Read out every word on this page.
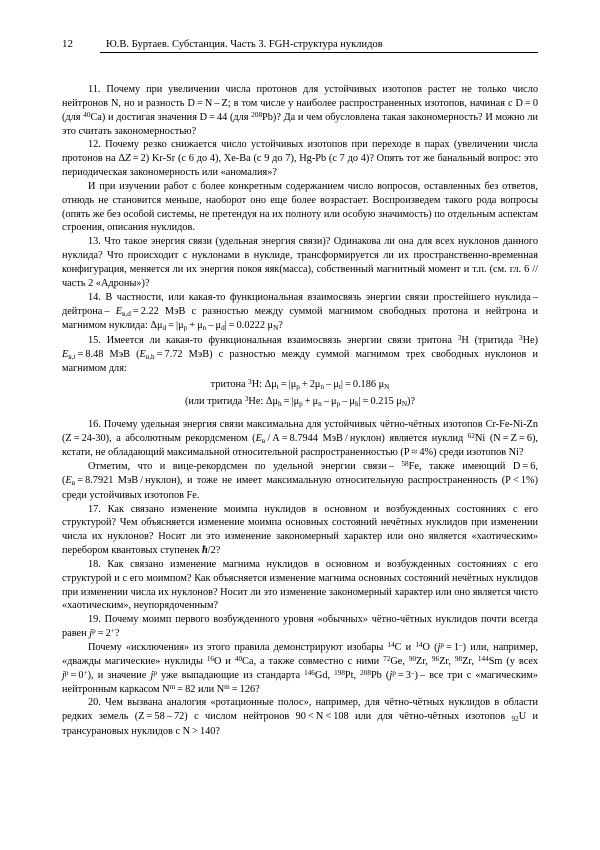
12	Ю.В. Буртаев. Субстанция. Часть 3. FGH-структура нуклидов

11. Почему при увеличении числа протонов для устойчивых изотопов растет не только число нейтронов N, но и разность D = N – Z; в том числе у наиболее распространенных изотопов, начиная с D = 0 (для $^{40}$Ca) и достигая значения D = 44 (для $^{208}$Pb)? Да и чем обусловлена такая закономерность? И можно ли это считать закономерностью?

12. Почему резко снижается число устойчивых изотопов при переходе в парах (увеличении числа протонов на ΔZ = 2) Kr-Sr (с 6 до 4), Xe-Ba (с 9 до 7), Hg-Pb (с 7 до 4)? Опять тот же банальный вопрос: это периодическая закономерность или «аномалия»?

И при изучении работ с более конкретным содержанием число вопросов, оставленных без ответов, отнюдь не становится меньше, наоборот оно еще более возрастает. Воспроизведем такого рода вопросы (опять же без особой системы, не претендуя на их полноту или особую значимость) по отдельным аспектам строения, описания нуклидов.

13. Что такое энергия связи (удельная энергия связи)? Одинакова ли она для всех нуклонов данного нуклида? Что происходит с нуклонами в нуклиде, трансформируется ли их пространственно-временная конфигурация, меняется ли их энергия покоя яяк(масса), собственный магнитный момент и т.п. (см. гл. 6 // часть 2 «Адроны»)?

14. В частности, или какая-то функциональная взаимосвязь энергии связи простейшего нуклида – дейтрона – $E_{в,d} = 2.22$ МэВ с разностью между суммой магнимом свободных протона и нейтрона и магнимом нуклида: $\Delta\mu_d = |\mu_p + \mu_n - \mu_d| = 0.0222$ $\mu_N$?

15. Имеется ли какая-то функциональная взаимосвязь энергии связи тритона $^3$H (тритида $^3$He) $E_{в,t} = 8.48$ МэВ ($E_{в,h} = 7.72$ МэВ) с разностью между суммой магнимом трех свободных нуклонов и магнимом для:

тритона $^3$H: $\Delta\mu_t = |\mu_p + 2\mu_n - \mu_t| = 0.186$ $\mu_N$

(или тритида $^3$He: $\Delta\mu_h = |\mu_p + \mu_n - \mu_p - \mu_h| = 0.215$ $\mu_N$)?

16. Почему удельная энергия связи максимальна для устойчивых чётно-чётных изотопов Cr-Fe-Ni-Zn (Z = 24-30), а абсолютным рекордсменом ($E_в / A = 8.7944$ МэВ / нуклон) является нуклид $^{62}$Ni (N = Z = 6), кстати, не обладающий максимальной относительной распространенностью (P ≈ 4%) среди изотопов Ni?

Отметим, что и вице-рекордсмен по удельной энергии связи – $^{58}$Fe, также имеющий D = 6, ($E_в = 8.7921$ МэВ / нуклон), и тоже не имеет максимальную относительную распространенность (P < 1%) среди устойчивых изотопов Fe.

17. Как связано изменение моимпа нуклидов в основном и возбужденных состояниях с его структурой? Чем объясняется изменение моимпа основных состояний нечётных нуклидов при изменении числа их нуклонов? Носит ли это изменение закономерный характер или оно является «хаотическим» перебором квантовых ступенек ħ/2?

18. Как связано изменение магнима нуклидов в основном и возбужденных состояниях с его структурой и с его моимпом? Как объясняется изменение магнима основных состояний нечётных нуклидов при изменении числа их нуклонов? Носит ли это изменение закономерный характер или оно является чисто «хаотическим», неупорядоченным?

19. Почему моимп первого возбужденного уровня «обычных» чётно-чётных нуклидов почти всегда равен $j^p = 2^+$?

Почему «исключения» из этого правила демонстрируют изобары $^{14}$C и $^{14}$O $(j^p = 1^-)$ или, например, «дважды магические» нуклиды $^{16}$O и $^{40}$Ca, а также совместно с ними $^{72}$Ge, $^{90}$Zr, $^{96}$Zr, $^{98}$Zr, $^{144}$Sm (у всех $j^p = 0^+$), и значение $j^p$ уже выпадающие из стандарта $^{146}$Gd, $^{198}$Pt, $^{208}$Pb $(j^p = 3^-)$ – все три с «магическим» нейтронным каркасом $N^m = 82$ или $N^m = 126$?

20. Чем вызвана аналогия «ротационные полос», например, для чётно-чётных нуклидов в области редких земель (Z = 58 – 72) с числом нейтронов 90 < N < 108 или для чётно-чётных изотопов $_{92}$U и трансурановых нуклидов с N > 140?
